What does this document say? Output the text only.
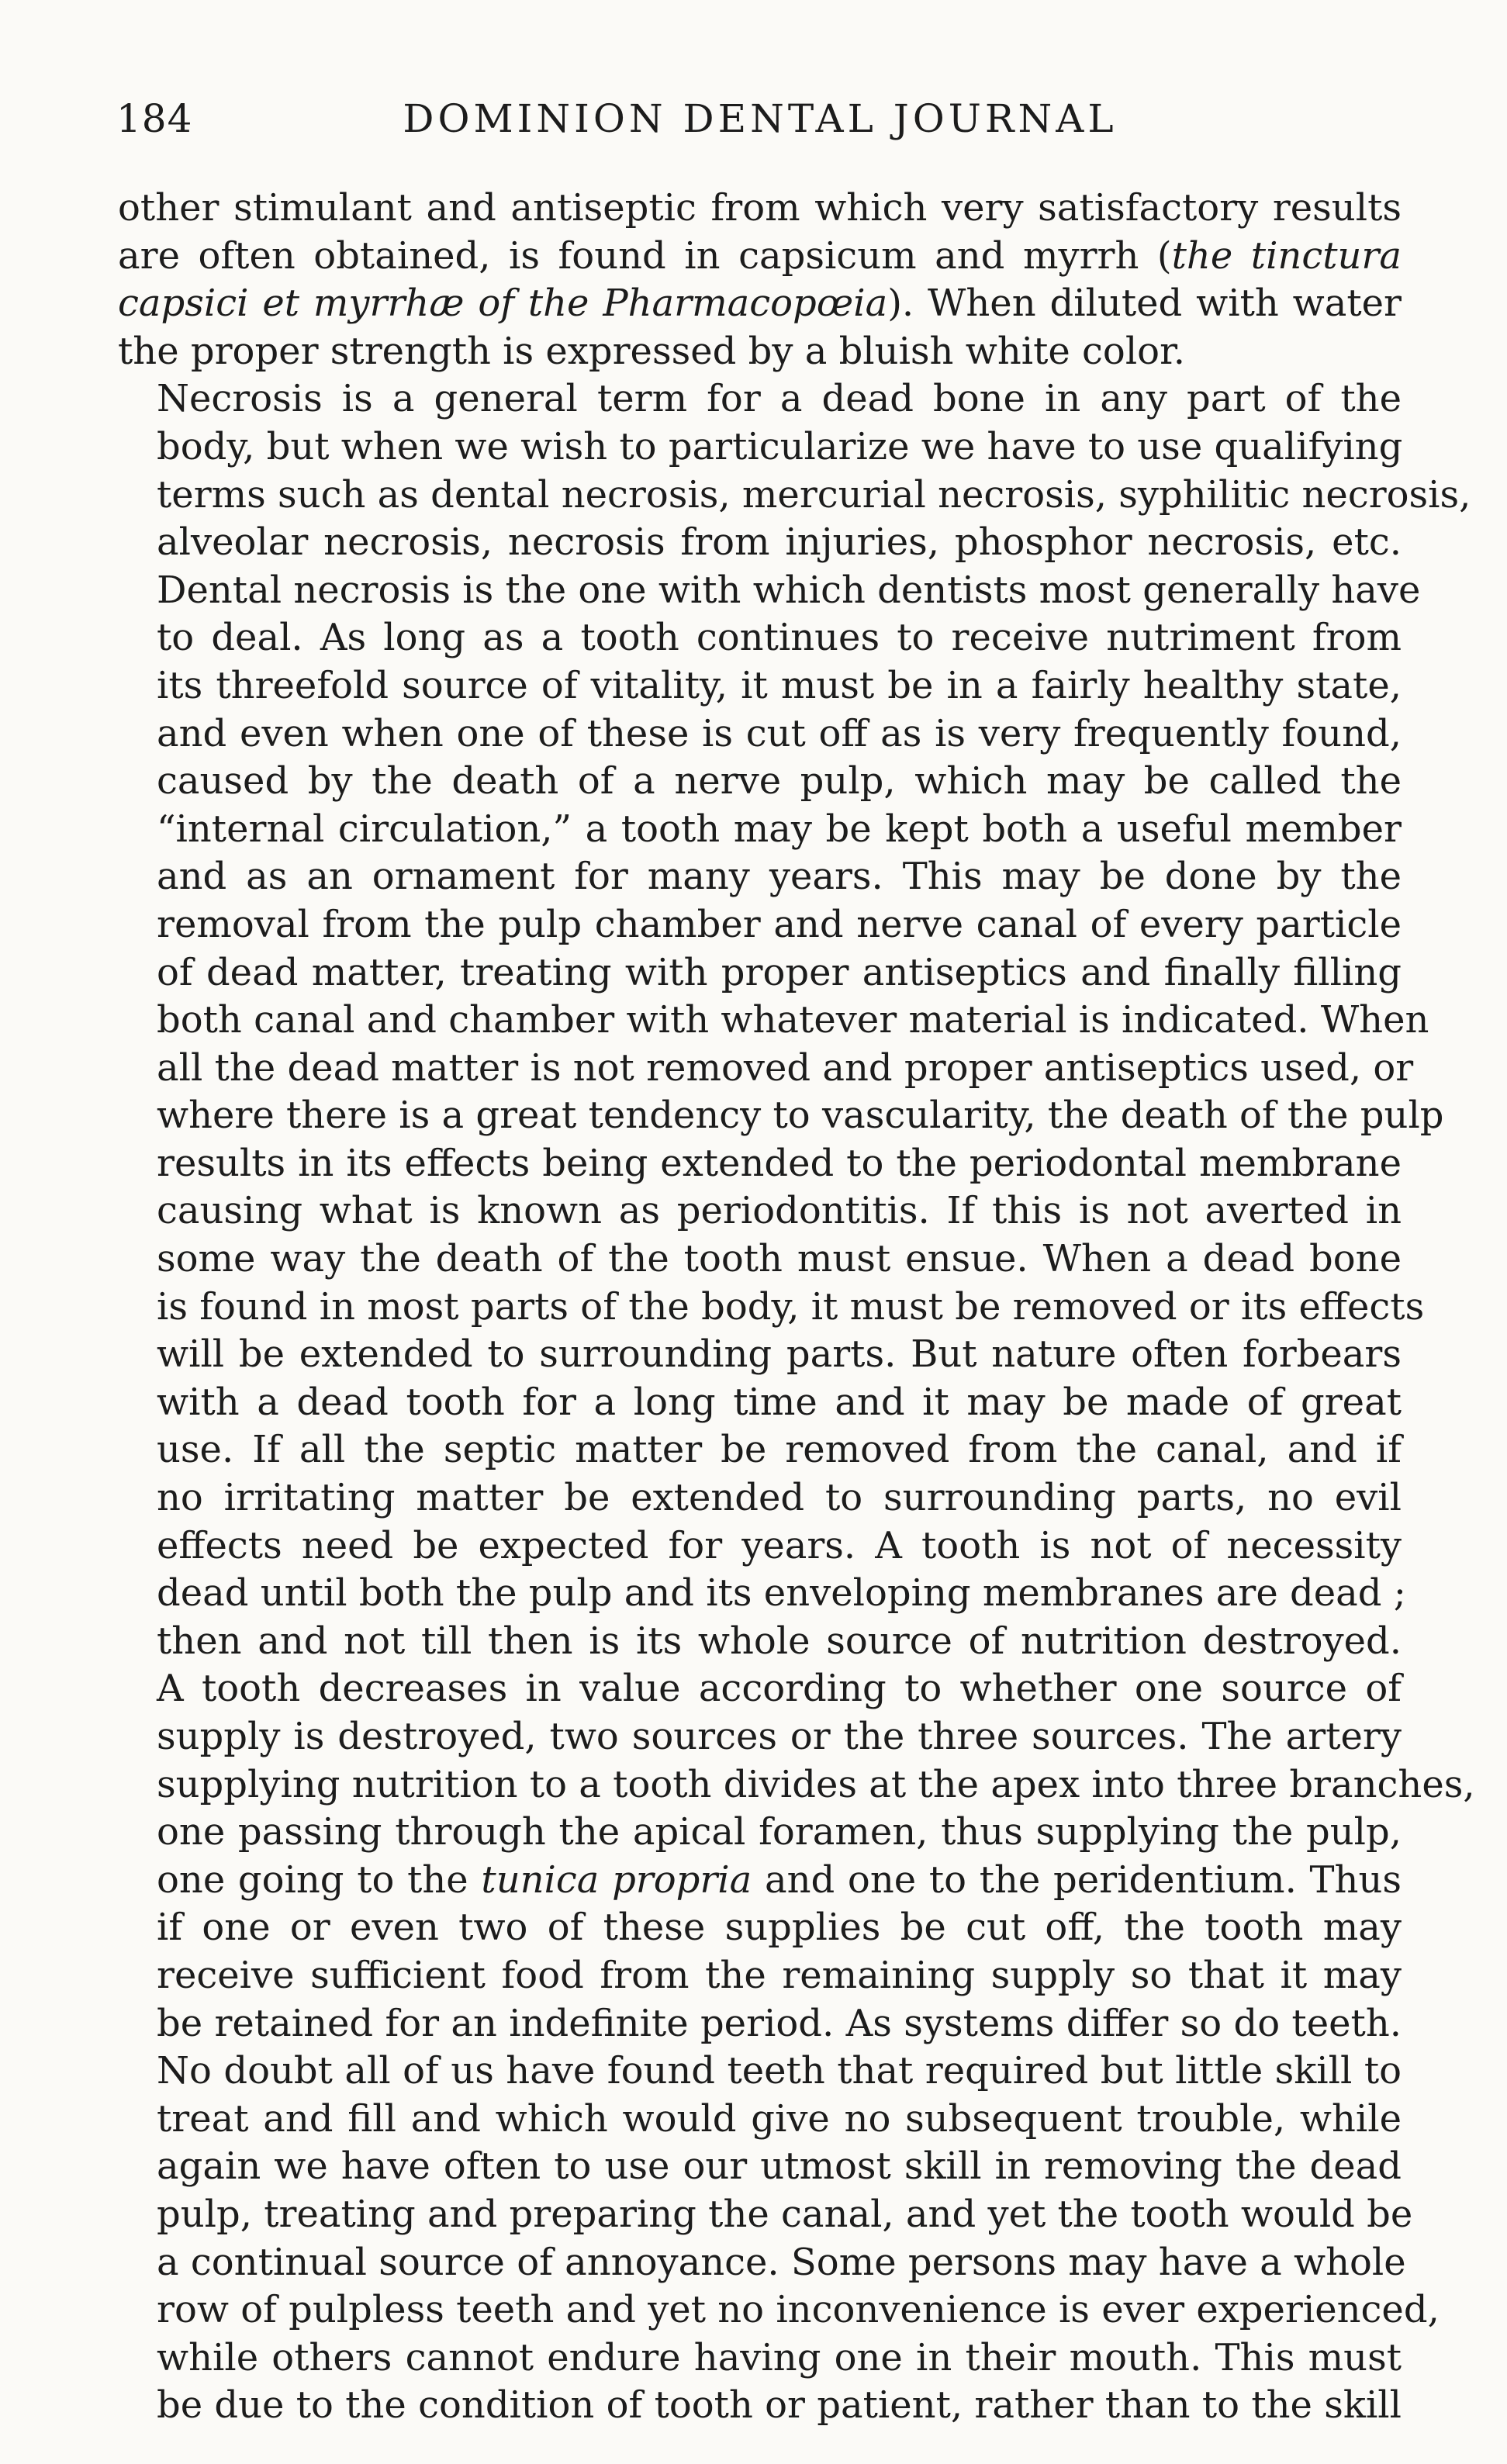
184	DOMINION DENTAL JOURNAL
other stimulant and antiseptic from which very satisfactory results
are often obtained, is found in capsicum and myrrh (the tinctura
capsici et myrrhæ of the Pharmacopœia). When diluted with water
the proper strength is expressed by a bluish white color.
Necrosis is a general term for a dead bone in any part of the
body, but when we wish to particularize we have to use qualifying
terms such as dental necrosis, mercurial necrosis, syphilitic necrosis,
alveolar necrosis, necrosis from injuries, phosphor necrosis, etc.
Dental necrosis is the one with which dentists most generally have
to deal. As long as a tooth continues to receive nutriment from
its threefold source of vitality, it must be in a fairly healthy state,
and even when one of these is cut off as is very frequently found,
caused by the death of a nerve pulp, which may be called the
“internal circulation,” a tooth may be kept both a useful member
and as an ornament for many years. This may be done by the
removal from the pulp chamber and nerve canal of every particle
of dead matter, treating with proper antiseptics and finally filling
both canal and chamber with whatever material is indicated. When
all the dead matter is not removed and proper antiseptics used, or
where there is a great tendency to vascularity, the death of the pulp
results in its effects being extended to the periodontal membrane
causing what is known as periodontitis. If this is not averted in
some way the death of the tooth must ensue. When a dead bone
is found in most parts of the body, it must be removed or its effects
will be extended to surrounding parts. But nature often forbears
with a dead tooth for a long time and it may be made of great
use. If all the septic matter be removed from the canal, and if
no irritating matter be extended to surrounding parts, no evil
effects need be expected for years. A tooth is not of necessity
dead until both the pulp and its enveloping membranes are dead ;
then and not till then is its whole source of nutrition destroyed.
A tooth decreases in value according to whether one source of
supply is destroyed, two sources or the three sources. The artery
supplying nutrition to a tooth divides at the apex into three branches,
one passing through the apical foramen, thus supplying the pulp,
one going to the tunica propria and one to the peridentium. Thus
if one or even two of these supplies be cut off, the tooth may
receive sufficient food from the remaining supply so that it may
be retained for an indefinite period. As systems differ so do teeth.
No doubt all of us have found teeth that required but little skill to
treat and fill and which would give no subsequent trouble, while
again we have often to use our utmost skill in removing the dead
pulp, treating and preparing the canal, and yet the tooth would be
a continual source of annoyance. Some persons may have a whole
row of pulpless teeth and yet no inconvenience is ever experienced,
while others cannot endure having one in their mouth. This must
be due to the condition of tooth or patient, rather than to the skill
